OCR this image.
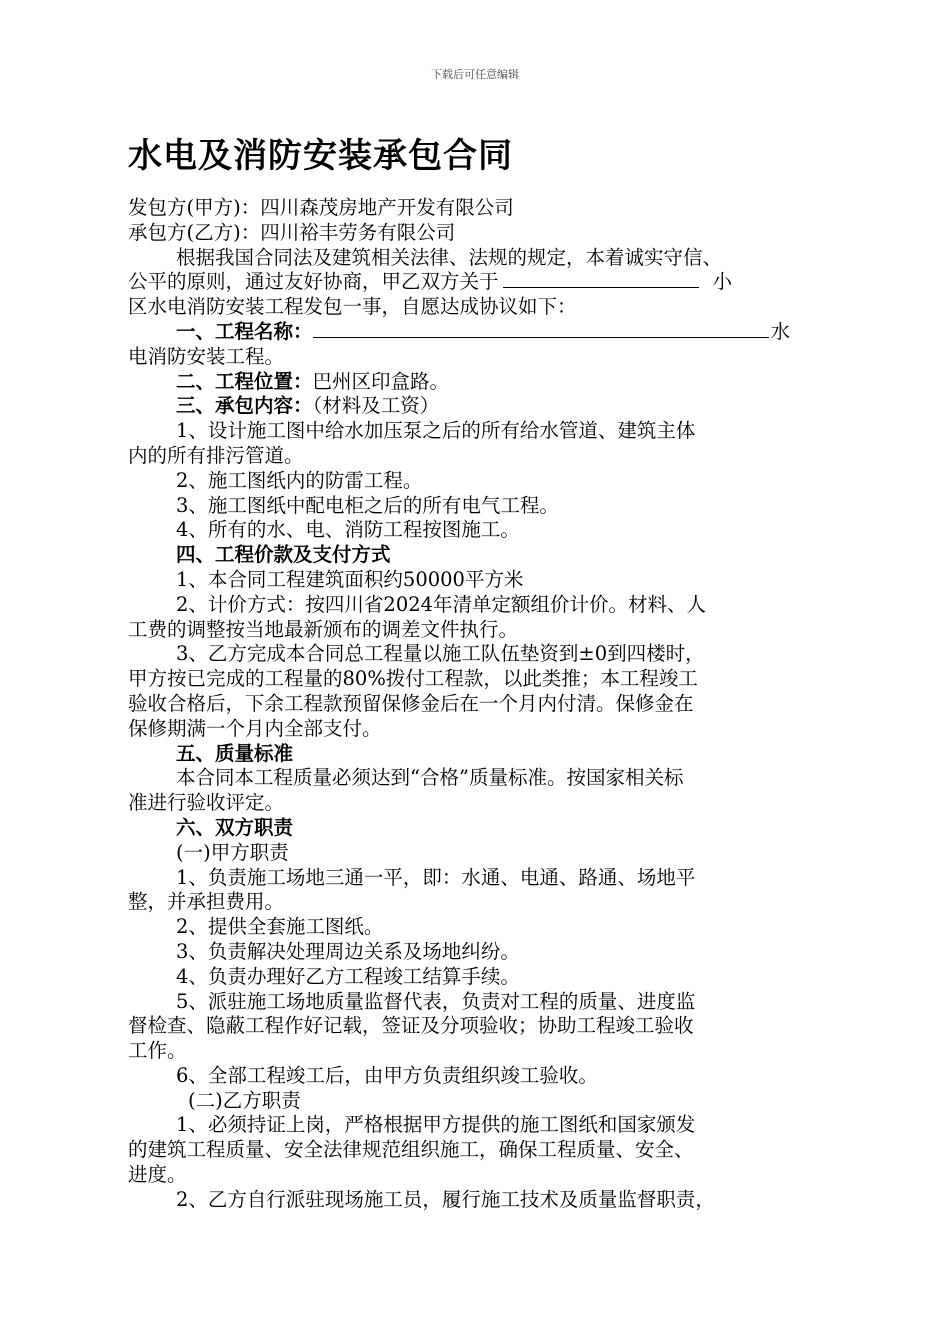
下载后可任意编辑
水电及消防安装承包合同
发包方(甲方)：四川森茂房地产开发有限公司
承包方(乙方)：四川裕丰劳务有限公司
根据我国合同法及建筑相关法律、法规的规定，本着诚实守信、
公平的原则，通过友好协商，甲乙双方关于	小
区水电消防安装工程发包一事，自愿达成协议如下：
一、工程名称：	水
电消防安装工程。
二、工程位置：巴州区印盒路。
三、承包内容：（材料及工资）
1、设计施工图中给水加压泵之后的所有给水管道、建筑主体
内的所有排污管道。
2、施工图纸内的防雷工程。
3、施工图纸中配电柜之后的所有电气工程。
4、所有的水、电、消防工程按图施工。
四、工程价款及支付方式
1、本合同工程建筑面积约50000平方米
2、计价方式：按四川省2024年清单定额组价计价。材料、人
工费的调整按当地最新颁布的调差文件执行。
3、乙方完成本合同总工程量以施工队伍垫资到±0到四楼时，
甲方按已完成的工程量的80%拨付工程款，以此类推；本工程竣工
验收合格后，下余工程款预留保修金后在一个月内付清。保修金在
保修期满一个月内全部支付。
五、质量标准
本合同本工程质量必须达到“合格”质量标准。按国家相关标
准进行验收评定。
六、双方职责
(一)甲方职责
1、负责施工场地三通一平，即：水通、电通、路通、场地平
整，并承担费用。
2、提供全套施工图纸。
3、负责解决处理周边关系及场地纠纷。
4、负责办理好乙方工程竣工结算手续。
5、派驻施工场地质量监督代表，负责对工程的质量、进度监
督检查、隐蔽工程作好记载，签证及分项验收；协助工程竣工验收
工作。
6、全部工程竣工后，由甲方负责组织竣工验收。
(二)乙方职责
1、必须持证上岗，严格根据甲方提供的施工图纸和国家颁发
的建筑工程质量、安全法律规范组织施工，确保工程质量、安全、
进度。
2、乙方自行派驻现场施工员，履行施工技术及质量监督职责，
